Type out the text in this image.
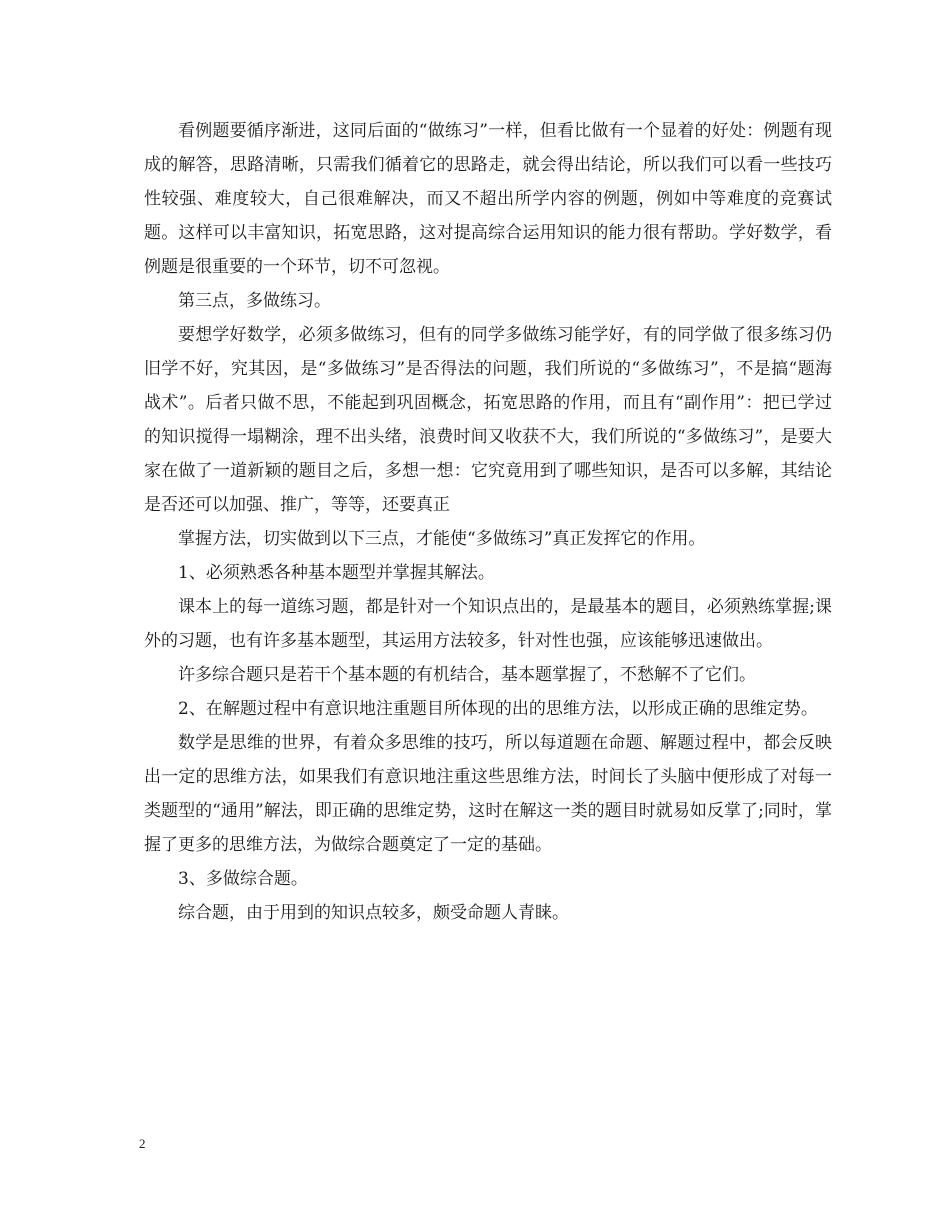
看例题要循序渐进，这同后面的“做练习”一样，但看比做有一个显着的好处：例题有现成的解答，思路清晰，只需我们循着它的思路走，就会得出结论，所以我们可以看一些技巧性较强、难度较大，自己很难解决，而又不超出所学内容的例题，例如中等难度的竞赛试题。这样可以丰富知识，拓宽思路，这对提高综合运用知识的能力很有帮助。学好数学，看例题是很重要的一个环节，切不可忽视。

第三点，多做练习。

要想学好数学，必须多做练习，但有的同学多做练习能学好，有的同学做了很多练习仍旧学不好，究其因，是“多做练习”是否得法的问题，我们所说的“多做练习”，不是搞“题海战术”。后者只做不思，不能起到巩固概念，拓宽思路的作用，而且有“副作用”：把已学过的知识搅得一塌糊涂，理不出头绪，浪费时间又收获不大，我们所说的“多做练习”，是要大家在做了一道新颖的题目之后，多想一想：它究竟用到了哪些知识，是否可以多解，其结论是否还可以加强、推广，等等，还要真正

掌握方法，切实做到以下三点，才能使“多做练习”真正发挥它的作用。

1、必须熟悉各种基本题型并掌握其解法。

课本上的每一道练习题，都是针对一个知识点出的，是最基本的题目，必须熟练掌握;课外的习题，也有许多基本题型，其运用方法较多，针对性也强，应该能够迅速做出。

许多综合题只是若干个基本题的有机结合，基本题掌握了，不愁解不了它们。

2、在解题过程中有意识地注重题目所体现的出的思维方法，以形成正确的思维定势。

数学是思维的世界，有着众多思维的技巧，所以每道题在命题、解题过程中，都会反映出一定的思维方法，如果我们有意识地注重这些思维方法，时间长了头脑中便形成了对每一类题型的“通用”解法，即正确的思维定势，这时在解这一类的题目时就易如反掌了;同时，掌握了更多的思维方法，为做综合题奠定了一定的基础。

3、多做综合题。

综合题，由于用到的知识点较多，颇受命题人青睐。

2
